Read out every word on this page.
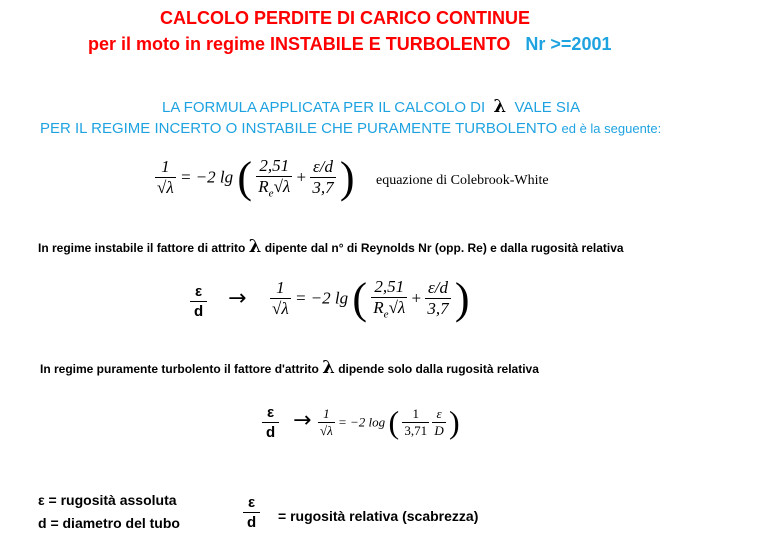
CALCOLO PERDITE DI CARICO CONTINUE
per il moto in regime INSTABILE E TURBOLENTO Nr >=2001
LA FORMULA APPLICATA PER IL CALCOLO DI λ VALE SIA
PER IL REGIME INCERTO O INSTABILE CHE PURAMENTE TURBOLENTO ed è la seguente:
$\frac{1}{√\lambda} = -2$ lg ( $\frac{2,51}{R_e√\lambda} + \frac{\varepsilon/d}{3,7}$ ) equazione di Colebrook-White
In regime instabile il fattore di attrito λ dipente dal n° di Reynolds Nr (opp. Re) e dalla rugosità relativa
$\frac{\varepsilon}{d} \to \frac{1}{√\lambda} = -2$ lg ( $\frac{2,51}{R_e√\lambda} + \frac{\varepsilon/d}{3,7}$ )
In regime puramente turbolento il fattore d'attrito λ dipende solo dalla rugosità relativa
$\frac{\varepsilon}{d} \to \frac{1}{√\lambda} = -2$ log ( $\frac{1}{3,71}$
$\frac{\varepsilon}{D}$ )
ε = rugosità assoluta
d = diametro del tubo	$\frac{\varepsilon}{d}$ = rugosità relativa (scabrezza)
